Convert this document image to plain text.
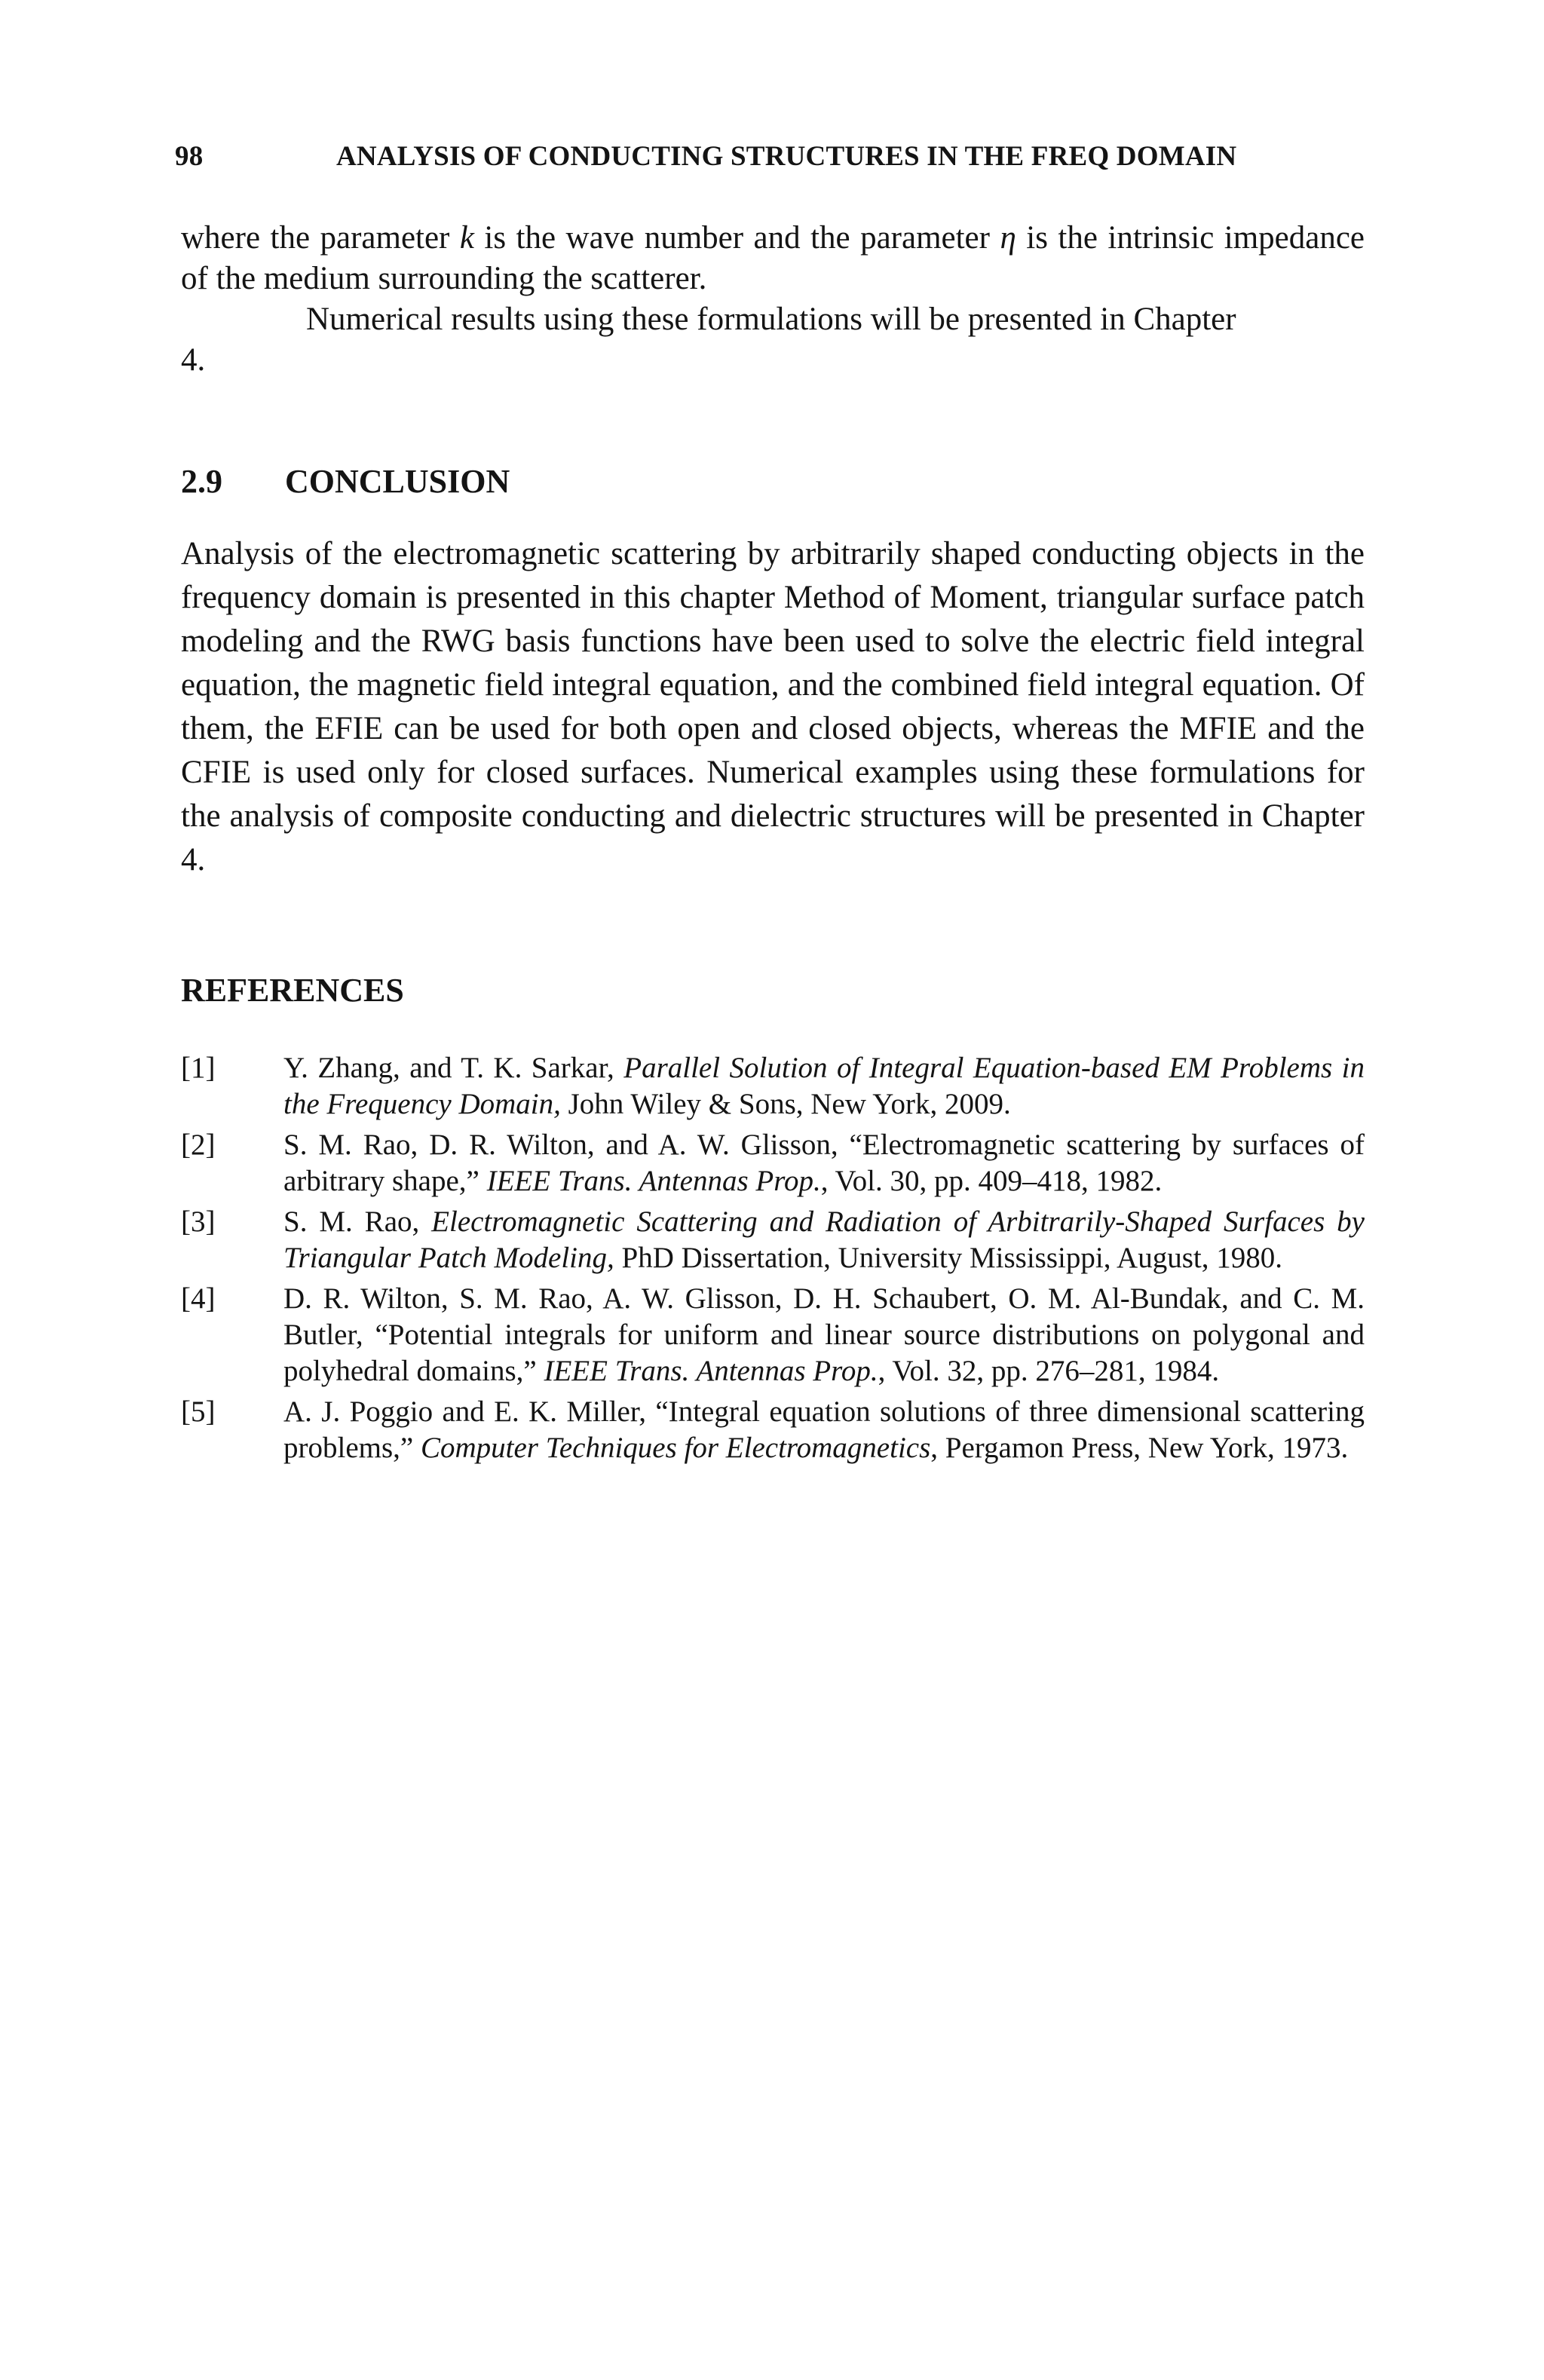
98	ANALYSIS OF CONDUCTING STRUCTURES IN THE FREQ DOMAIN

where the parameter k is the wave number and the parameter η is the intrinsic impedance of the medium surrounding the scatterer.

Numerical results using these formulations will be presented in Chapter

4.

2.9	CONCLUSION

Analysis of the electromagnetic scattering by arbitrarily shaped conducting objects in the frequency domain is presented in this chapter Method of Moment, triangular surface patch modeling and the RWG basis functions have been used to solve the electric field integral equation, the magnetic field integral equation, and the combined field integral equation. Of them, the EFIE can be used for both open and closed objects, whereas the MFIE and the CFIE is used only for closed surfaces. Numerical examples using these formulations for the analysis of composite conducting and dielectric structures will be presented in Chapter 4.

REFERENCES
[1]	Y. Zhang, and T. K. Sarkar, Parallel Solution of Integral Equation-based EM Problems in the Frequency Domain, John Wiley & Sons, New York, 2009.
[2]	S. M. Rao, D. R. Wilton, and A. W. Glisson, “Electromagnetic scattering by surfaces of arbitrary shape,” IEEE Trans. Antennas Prop., Vol. 30, pp. 409–418, 1982.
[3]	S. M. Rao, Electromagnetic Scattering and Radiation of Arbitrarily-Shaped Surfaces by Triangular Patch Modeling, PhD Dissertation, University Mississippi, August, 1980.
[4]	D. R. Wilton, S. M. Rao, A. W. Glisson, D. H. Schaubert, O. M. Al-Bundak, and C. M. Butler, “Potential integrals for uniform and linear source distributions on polygonal and polyhedral domains,” IEEE Trans. Antennas Prop., Vol. 32, pp. 276–281, 1984.
[5]	A. J. Poggio and E. K. Miller, “Integral equation solutions of three dimensional scattering problems,” Computer Techniques for Electromagnetics, Pergamon Press, New York, 1973.
